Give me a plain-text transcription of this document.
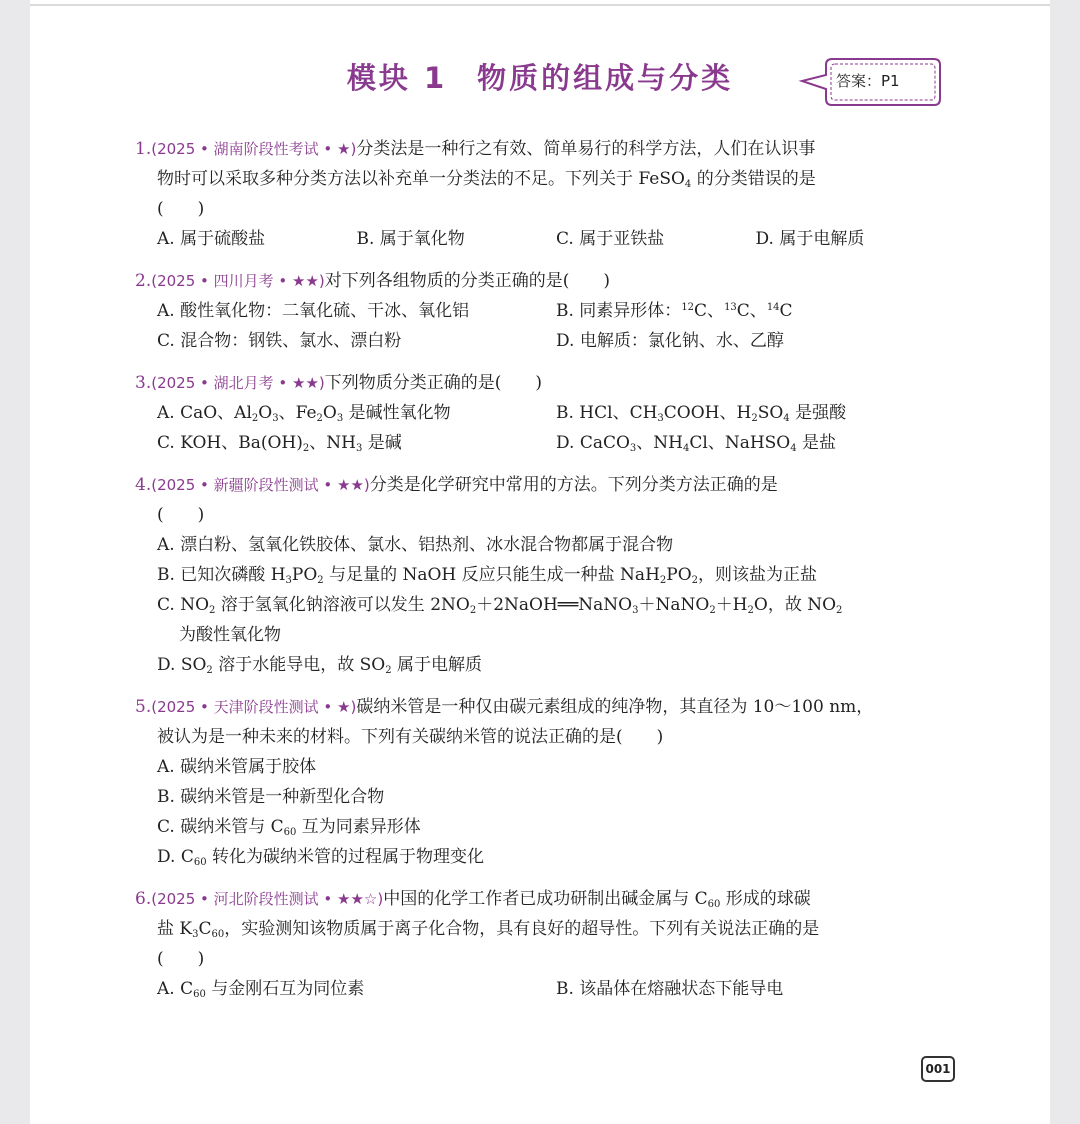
模块 1 物质的组成与分类	答案：P1
1.(2025 • 湖南阶段性考试 • ★)分类法是一种行之有效、简单易行的科学方法，人们在认识事
物时可以采取多种分类方法以补充单一分类法的不足。下列关于 FeSO$_4$ 的分类错误的是
(　　)
A. 属于硫酸盐	B. 属于氧化物	C. 属于亚铁盐	D. 属于电解质
2.(2025 • 四川月考 • ★★)对下列各组物质的分类正确的是(　　)
A. 酸性氧化物：二氧化硫、干冰、氧化铝	B. 同素异形体：$^{12}$C、$^{13}$C、$^{14}$C
C. 混合物：钢铁、氯水、漂白粉	D. 电解质：氯化钠、水、乙醇
3.(2025 • 湖北月考 • ★★)下列物质分类正确的是(　　)
A. CaO、$Al_2O_3$、$Fe_2O_3$ 是碱性氧化物	B. HCl、$CH_3COOH$、$H_2SO_4$ 是强酸
C. KOH、$Ba(OH)_2$、$NH_3$ 是碱	D. CaCO$_3$、$NH_4Cl$、NaHSO$_4$ 是盐
4.(2025 • 新疆阶段性测试 • ★★)分类是化学研究中常用的方法。下列分类方法正确的是
(　　)
A. 漂白粉、氢氧化铁胶体、氯水、铝热剂、冰水混合物都属于混合物
B. 已知次磷酸 $H_3PO_2$ 与足量的 NaOH 反应只能生成一种盐 $NaH_2PO_2$，则该盐为正盐
C. $NO_2$ 溶于氢氧化钠溶液可以发生 $2NO_2+2NaOH══NaNO_3+NaNO_2+H_2O$，故 $NO_2$
为酸性氧化物
D. $SO_2$ 溶于水能导电，故 $SO_2$ 属于电解质
5.(2025 • 天津阶段性测试 • ★)碳纳米管是一种仅由碳元素组成的纯净物，其直径为 10～100 nm，
被认为是一种未来的材料。下列有关碳纳米管的说法正确的是(　　)
A. 碳纳米管属于胶体
B. 碳纳米管是一种新型化合物
C. 碳纳米管与 $C_{60}$ 互为同素异形体
D. $C_{60}$ 转化为碳纳米管的过程属于物理变化
6.(2025 • 河北阶段性测试 • ★★☆)中国的化学工作者已成功研制出碱金属与 $C_{60}$ 形成的球碳
盐 $K_3C_{60}$，实验测知该物质属于离子化合物，具有良好的超导性。下列有关说法正确的是
(　　)
A. $C_{60}$ 与金刚石互为同位素	B. 该晶体在熔融状态下能导电
001
